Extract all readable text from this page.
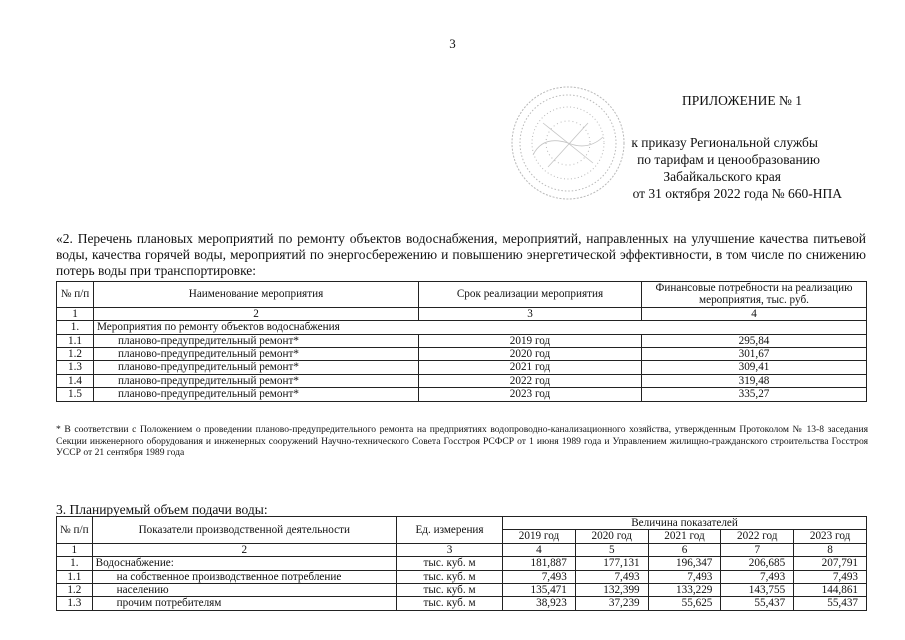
3
ПРИЛОЖЕНИЕ № 1
к приказу Региональной службы
по тарифам и ценообразованию
Забайкальского края
от 31 октября 2022 года № 660-НПА
«2. Перечень плановых мероприятий по ремонту объектов водоснабжения, мероприятий, направленных на улучшение качества питьевой воды, качества горячей воды, мероприятий по энергосбережению и повышению энергетической эффективности, в том числе по снижению потерь воды при транспортировке:
№ п/п	Наименование мероприятия	Срок реализации мероприятия	Финансовые потребности на реализацию мероприятия, тыс. руб.
1	2	3	4
1.	Мероприятия по ремонту объектов водоснабжения		
1.1	планово-предупредительный ремонт*	2019 год	295,84
1.2	планово-предупредительный ремонт*	2020 год	301,67
1.3	планово-предупредительный ремонт*	2021 год	309,41
1.4	планово-предупредительный ремонт*	2022 год	319,48
1.5	планово-предупредительный ремонт*	2023 год	335,27
* В соответствии с Положением о проведении планово-предупредительного ремонта на предприятиях водопроводно-канализационного хозяйства, утвержденным Протоколом № 13-8 заседания Секции инженерного оборудования и инженерных сооружений Научно-технического Совета Госстроя РСФСР от 1 июня 1989 года и Управлением жилищно-гражданского строительства Госстроя УССР от 21 сентября 1989 года
3. Планируемый объем подачи воды:
№ п/п	Показатели производственной деятельности	Ед. измерения	Величина показателей				
			2019 год	2020 год	2021 год	2022 год	2023 год
1	2	3	4	5	6	7	8
1.	Водоснабжение:	тыс. куб. м	181,887	177,131	196,347	206,685	207,791
1.1	на собственное производственное потребление	тыс. куб. м	7,493	7,493	7,493	7,493	7,493
1.2	населению	тыс. куб. м	135,471	132,399	133,229	143,755	144,861
1.3	прочим потребителям	тыс. куб. м	38,923	37,239	55,625	55,437	55,437
